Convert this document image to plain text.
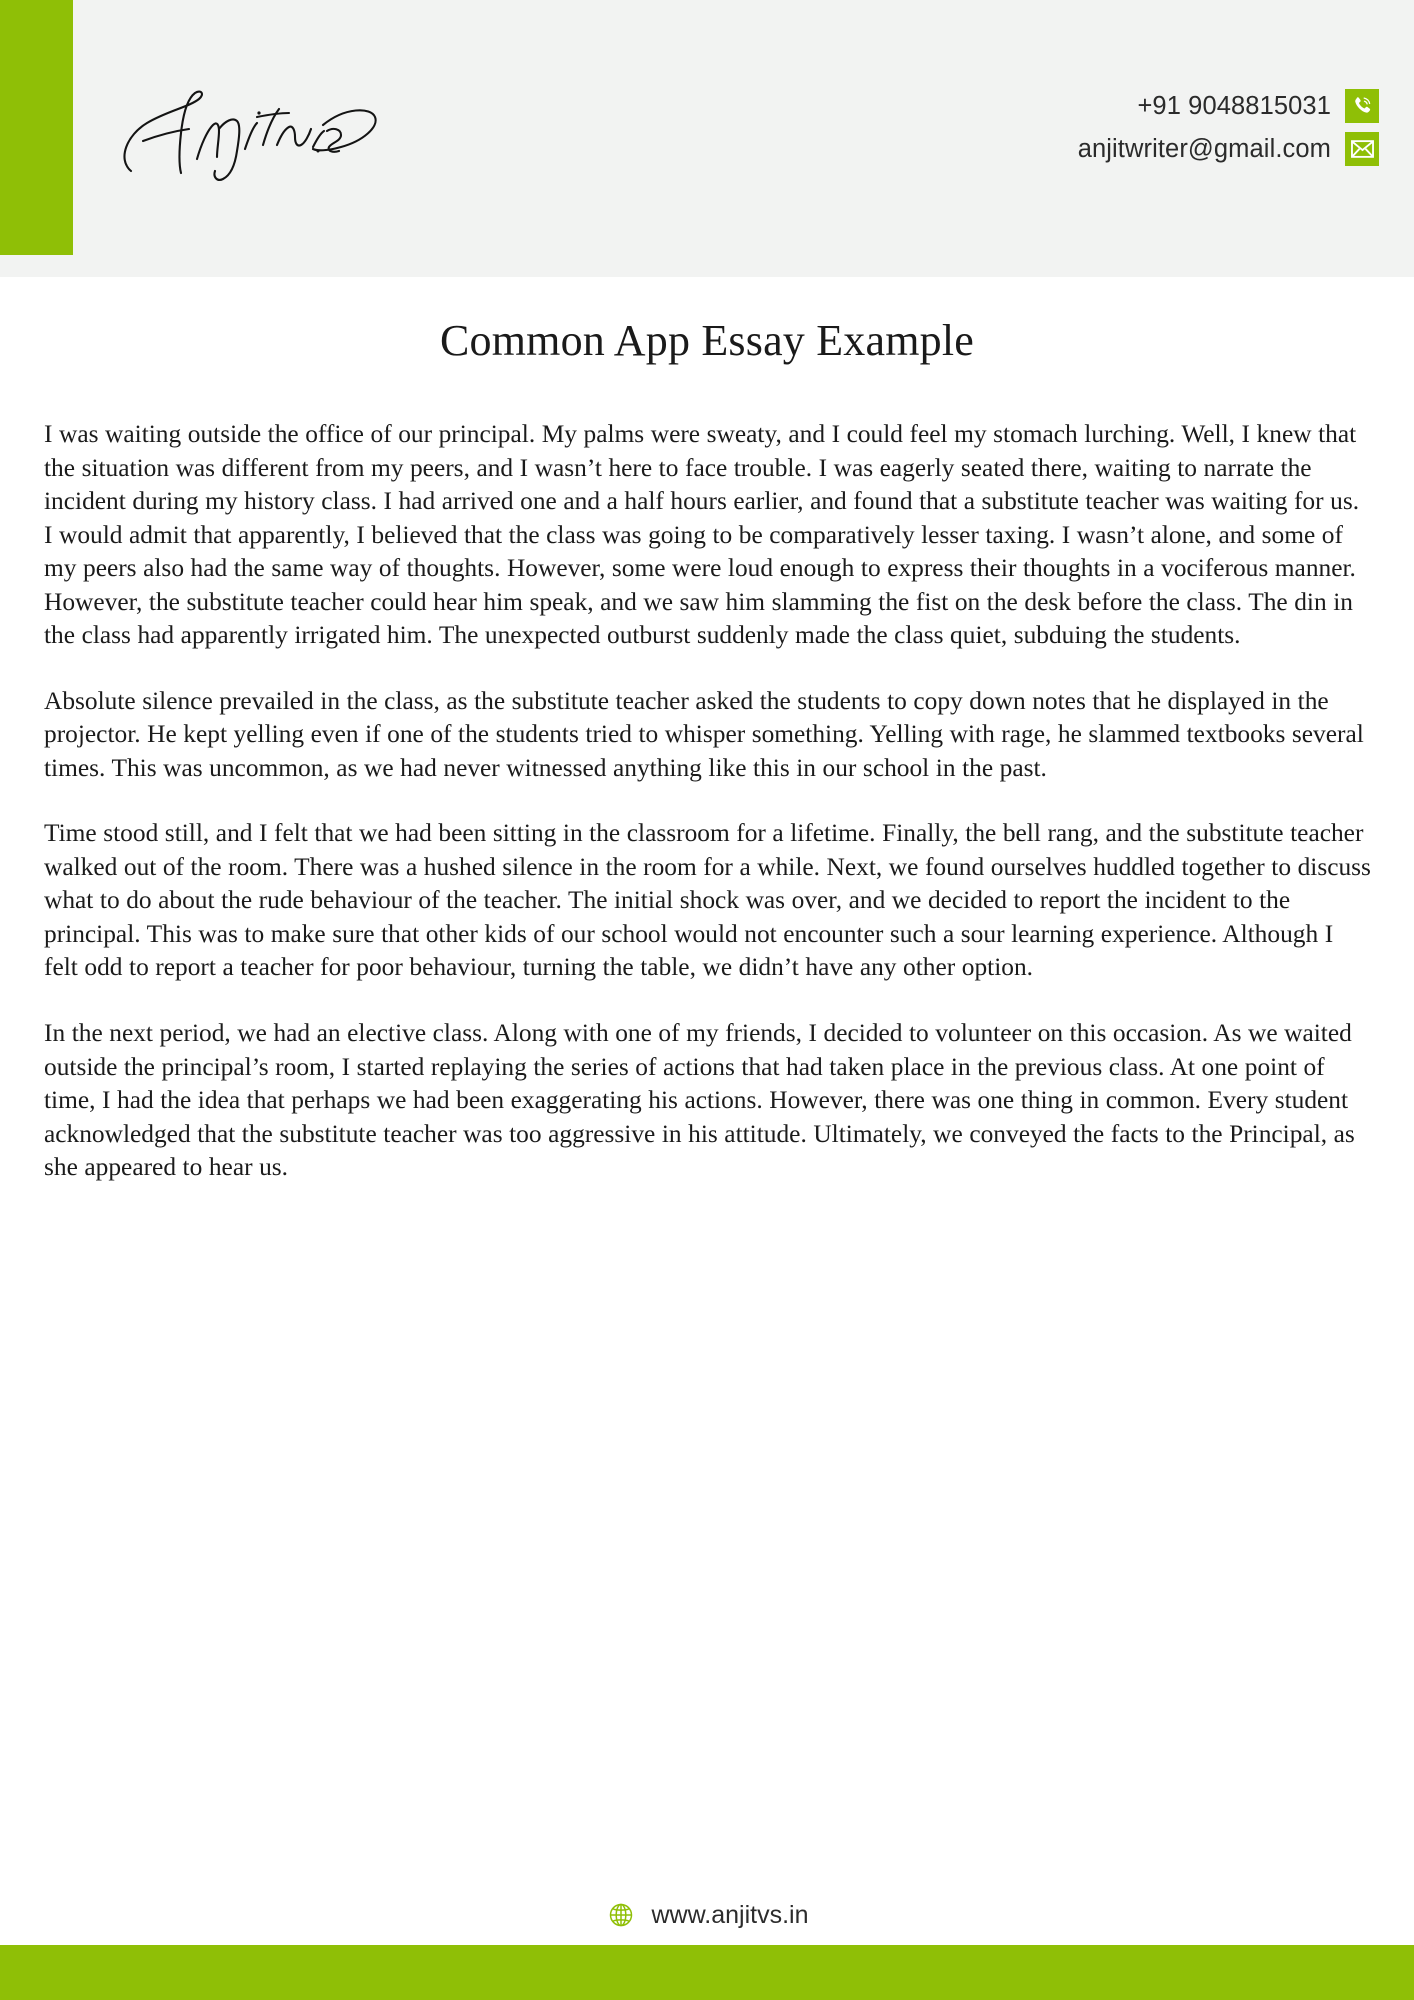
+91 9048815031
anjitwriter@gmail.com
Common App Essay Example

I was waiting outside the office of our principal. My palms were sweaty, and I could feel my stomach lurching. Well, I knew that the situation was different from my peers, and I wasn’t here to face trouble. I was eagerly seated there, waiting to narrate the incident during my history class. I had arrived one and a half hours earlier, and found that a substitute teacher was waiting for us. I would admit that apparently, I believed that the class was going to be comparatively lesser taxing. I wasn’t alone, and some of my peers also had the same way of thoughts. However, some were loud enough to express their thoughts in a vociferous manner. However, the substitute teacher could hear him speak, and we saw him slamming the fist on the desk before the class. The din in the class had apparently irrigated him. The unexpected outburst suddenly made the class quiet, subduing the students.

Absolute silence prevailed in the class, as the substitute teacher asked the students to copy down notes that he displayed in the projector. He kept yelling even if one of the students tried to whisper something. Yelling with rage, he slammed textbooks several times. This was uncommon, as we had never witnessed anything like this in our school in the past.

Time stood still, and I felt that we had been sitting in the classroom for a lifetime. Finally, the bell rang, and the substitute teacher walked out of the room. There was a hushed silence in the room for a while. Next, we found ourselves huddled together to discuss what to do about the rude behaviour of the teacher. The initial shock was over, and we decided to report the incident to the principal. This was to make sure that other kids of our school would not encounter such a sour learning experience. Although I felt odd to report a teacher for poor behaviour, turning the table, we didn’t have any other option.

In the next period, we had an elective class. Along with one of my friends, I decided to volunteer on this occasion. As we waited outside the principal’s room, I started replaying the series of actions that had taken place in the previous class. At one point of time, I had the idea that perhaps we had been exaggerating his actions. However, there was one thing in common. Every student acknowledged that the substitute teacher was too aggressive in his attitude. Ultimately, we conveyed the facts to the Principal, as she appeared to hear us.

www.anjitvs.in
